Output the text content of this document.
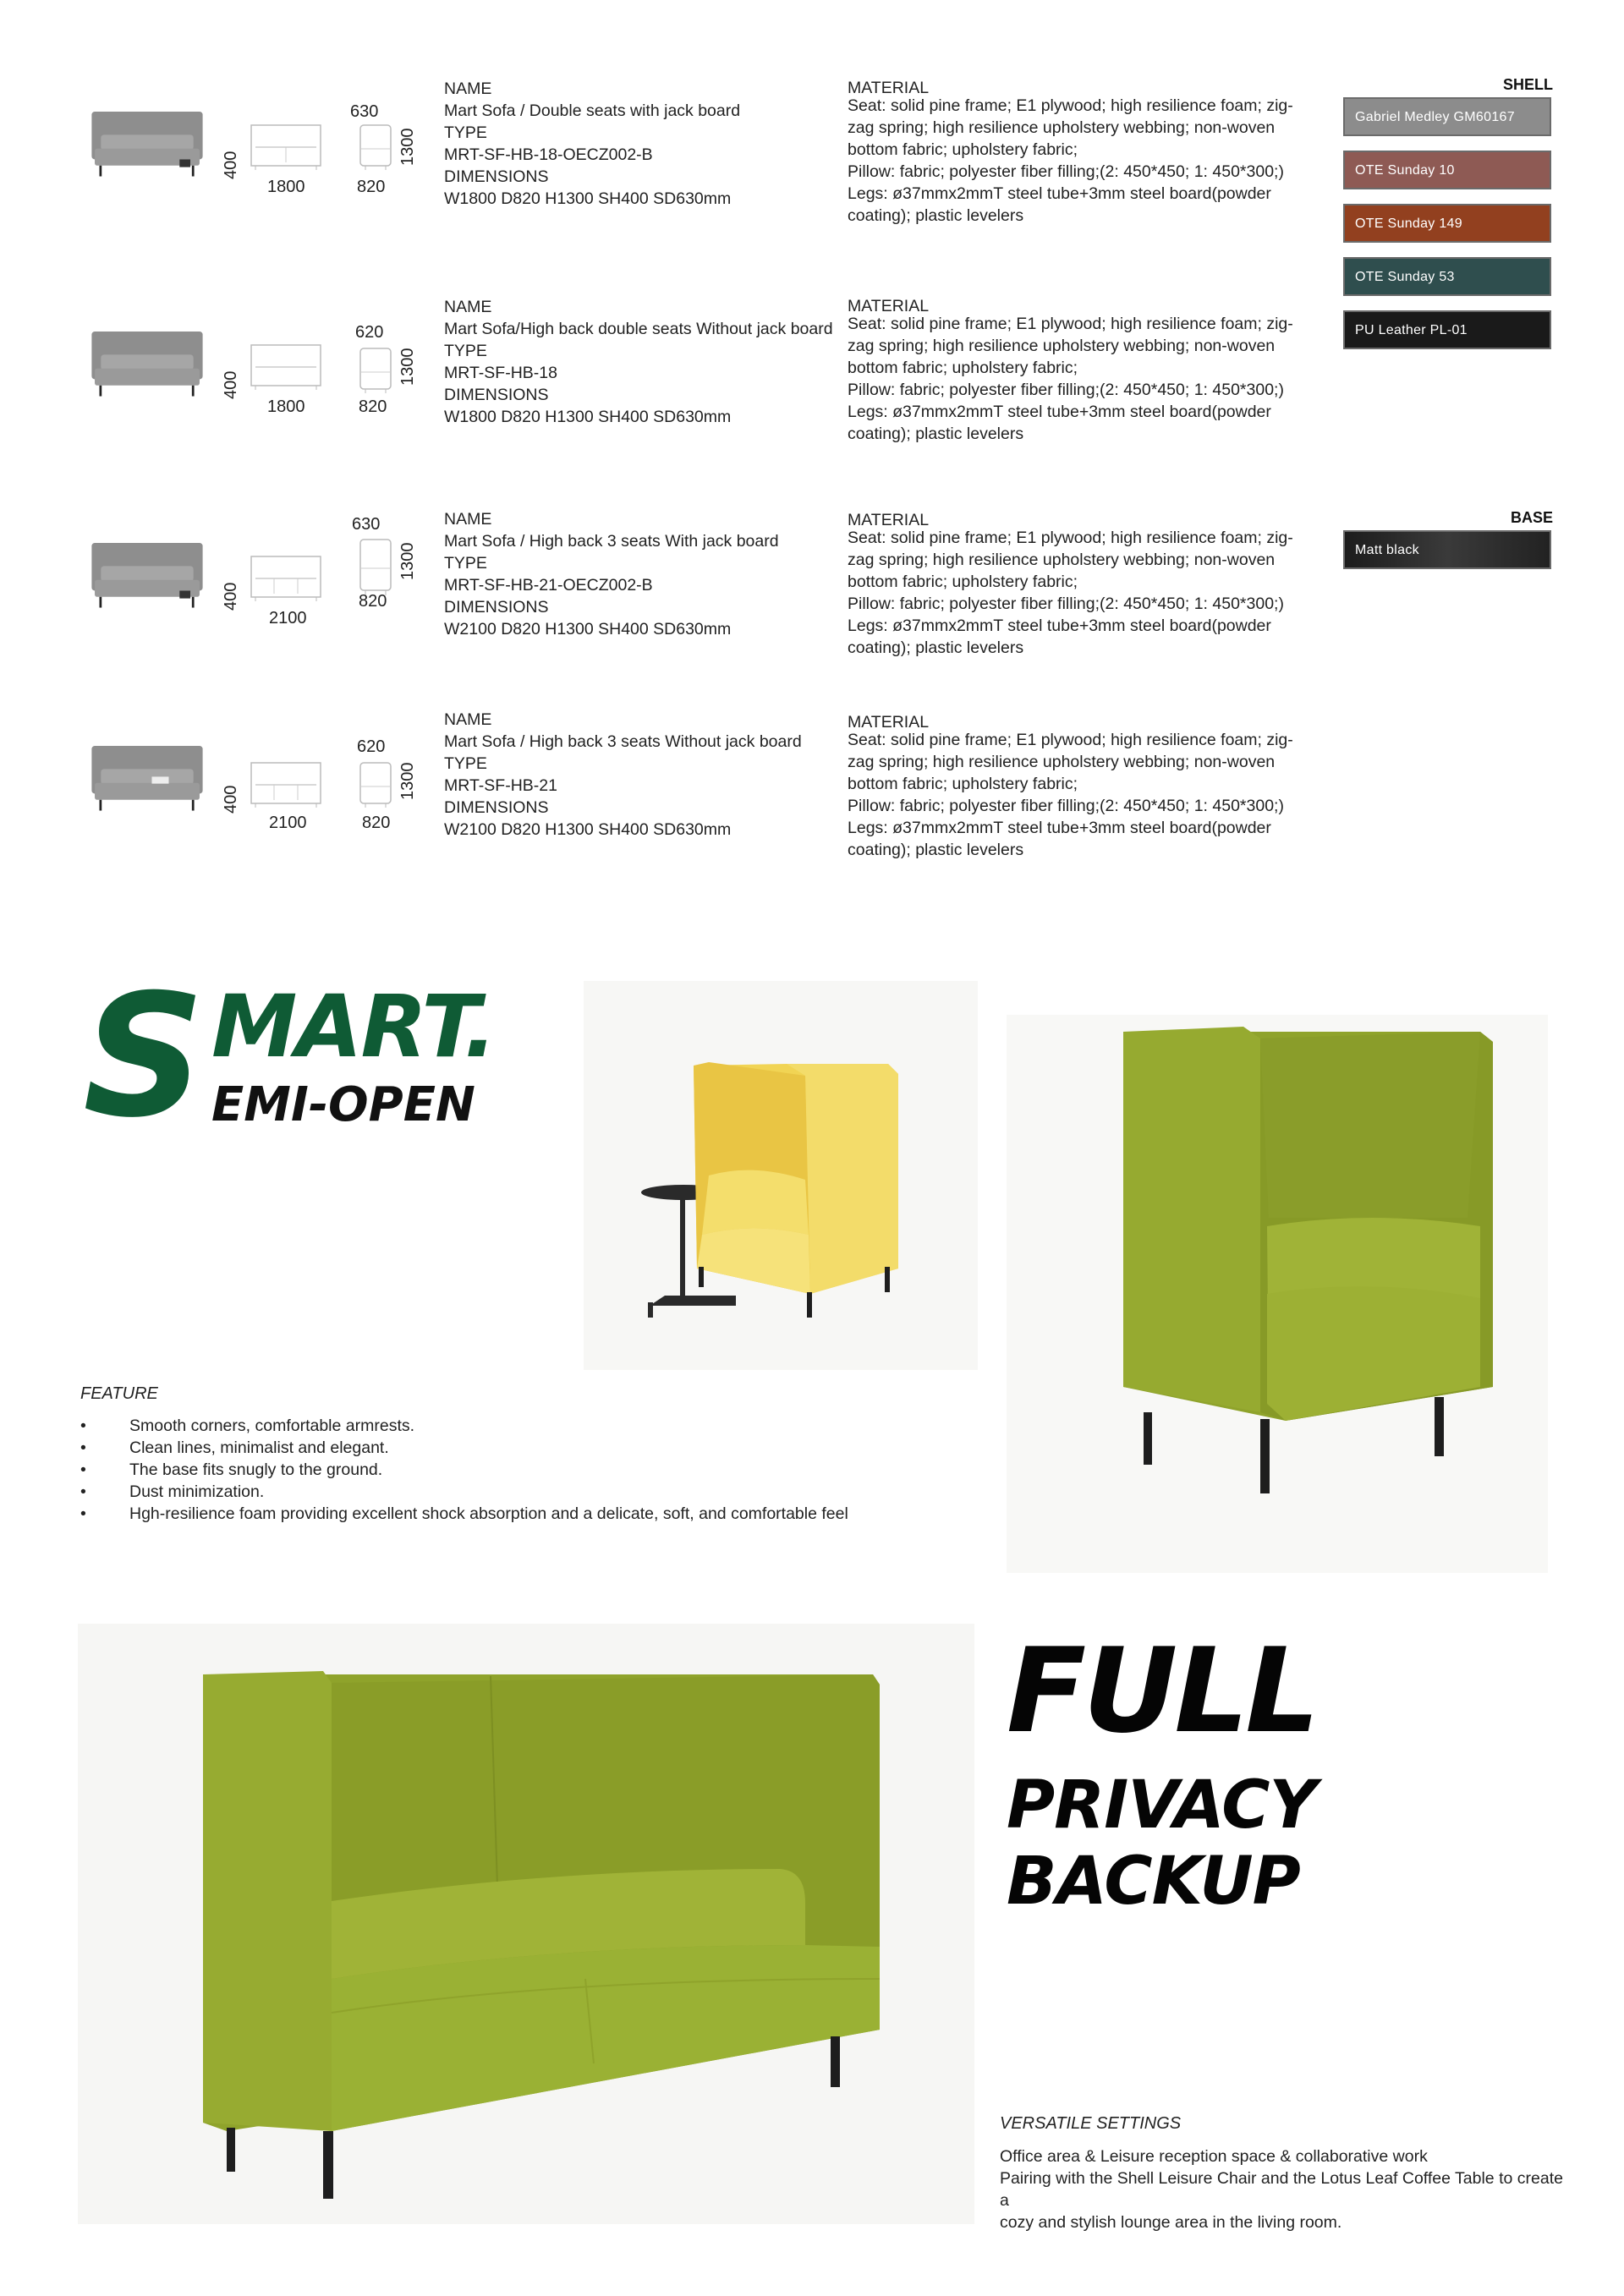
400
1800
630
1300
820
NAME
Mart Sofa / Double seats with jack board
TYPE
MRT-SF-HB-18-OECZ002-B
DIMENSIONS
W1800 D820 H1300 SH400 SD630mm
MATERIAL
Seat: solid pine frame; E1 plywood; high resilience foam; zig-
zag spring; high resilience upholstery webbing; non-woven
bottom fabric; upholstery fabric;
Pillow: fabric; polyester fiber filling;(2: 450*450; 1: 450*300;)
Legs: ø37mmx2mmT steel tube+3mm steel board(powder
coating); plastic levelers
400
1800
620
1300
820
NAME
Mart Sofa/High back double seats Without jack board
TYPE
MRT-SF-HB-18
DIMENSIONS
W1800 D820 H1300 SH400 SD630mm
MATERIAL
Seat: solid pine frame; E1 plywood; high resilience foam; zig-
zag spring; high resilience upholstery webbing; non-woven
bottom fabric; upholstery fabric;
Pillow: fabric; polyester fiber filling;(2: 450*450; 1: 450*300;)
Legs: ø37mmx2mmT steel tube+3mm steel board(powder
coating); plastic levelers
400
2100
630
1300
820
NAME
Mart Sofa / High back 3 seats With jack board
TYPE
MRT-SF-HB-21-OECZ002-B
DIMENSIONS
W2100 D820 H1300 SH400 SD630mm
MATERIAL
Seat: solid pine frame; E1 plywood; high resilience foam; zig-
zag spring; high resilience upholstery webbing; non-woven
bottom fabric; upholstery fabric;
Pillow: fabric; polyester fiber filling;(2: 450*450; 1: 450*300;)
Legs: ø37mmx2mmT steel tube+3mm steel board(powder
coating); plastic levelers
400
2100
620
1300
820
NAME
Mart Sofa / High back 3 seats Without jack board
TYPE
MRT-SF-HB-21
DIMENSIONS
W2100 D820 H1300 SH400 SD630mm
MATERIAL
Seat: solid pine frame; E1 plywood; high resilience foam; zig-
zag spring; high resilience upholstery webbing; non-woven
bottom fabric; upholstery fabric;
Pillow: fabric; polyester fiber filling;(2: 450*450; 1: 450*300;)
Legs: ø37mmx2mmT steel tube+3mm steel board(powder
coating); plastic levelers
SHELL
Gabriel Medley GM60167
OTE Sunday 10
OTE Sunday 149
OTE Sunday 53
PU Leather PL-01
BASE
Matt black
S MART.
EMI-OPEN
FEATURE
• Smooth corners, comfortable armrests.
• Clean lines, minimalist and elegant.
• The base fits snugly to the ground.
• Dust minimization.
• Hgh-resilience foam providing excellent shock absorption and a delicate, soft, and comfortable feel
FULL
PRIVACY
BACKUP
VERSATILE SETTINGS
Office area & Leisure reception space & collaborative work
Pairing with the Shell Leisure Chair and the Lotus Leaf Coffee Table to create a
cozy and stylish lounge area in the living room.
